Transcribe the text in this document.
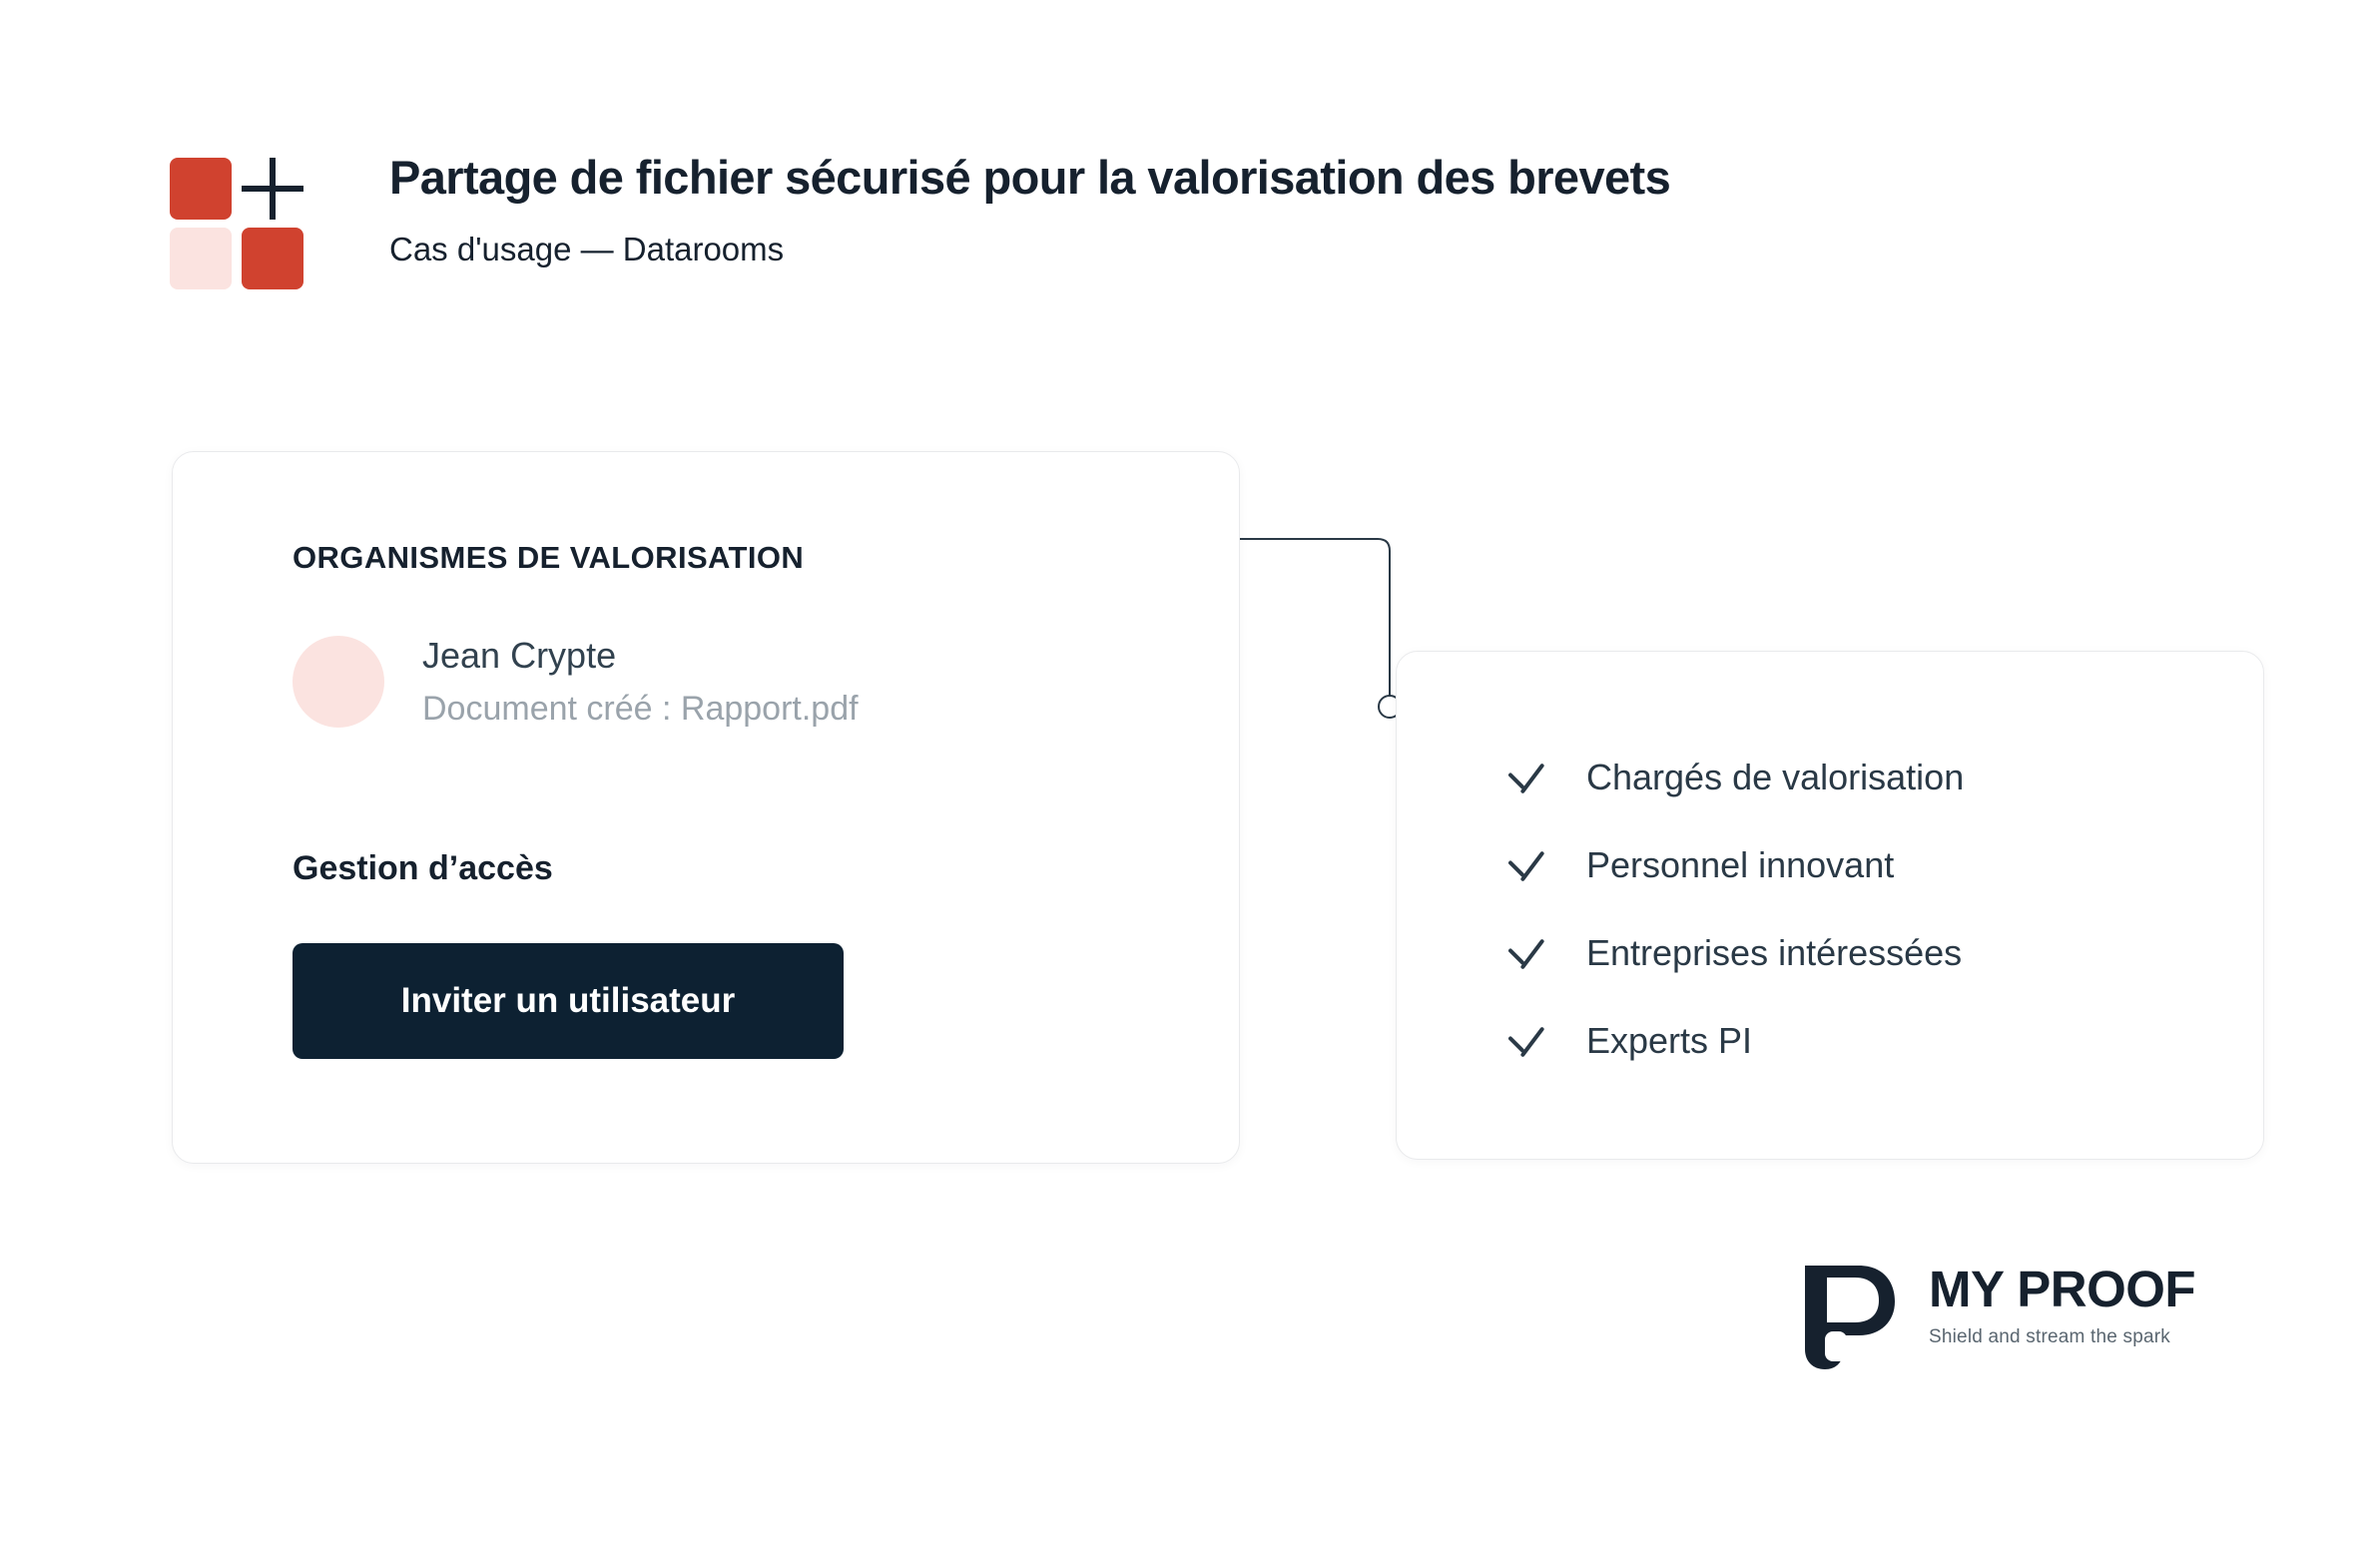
Partage de fichier sécurisé pour la valorisation des brevets
Cas d'usage — Datarooms
ORGANISMES DE VALORISATION
Jean Crypte
Document créé : Rapport.pdf
Gestion d’accès
Inviter un utilisateur
Chargés de valorisation
Personnel innovant
Entreprises intéressées
Experts PI
MY PROOF
Shield and stream the spark
